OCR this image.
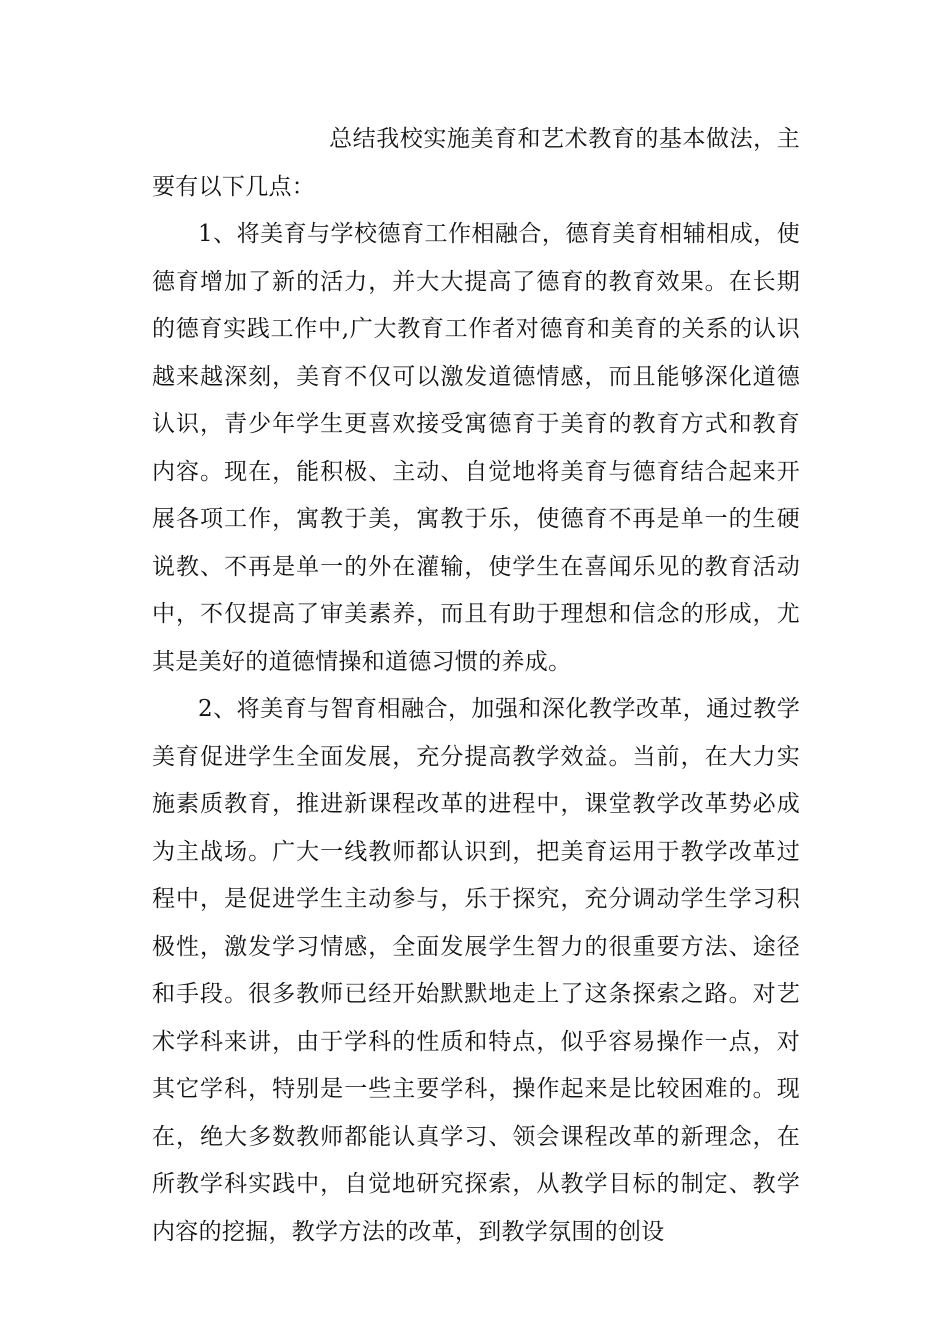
总结我校实施美育和艺术教育的基本做法，主要有以下几点：

1、将美育与学校德育工作相融合，德育美育相辅相成，使德育增加了新的活力，并大大提高了德育的教育效果。在长期的德育实践工作中,广大教育工作者对德育和美育的关系的认识越来越深刻，美育不仅可以激发道德情感，而且能够深化道德认识，青少年学生更喜欢接受寓德育于美育的教育方式和教育内容。现在，能积极、主动、自觉地将美育与德育结合起来开展各项工作，寓教于美，寓教于乐，使德育不再是单一的生硬说教、不再是单一的外在灌输，使学生在喜闻乐见的教育活动中，不仅提高了审美素养，而且有助于理想和信念的形成，尤其是美好的道德情操和道德习惯的养成。

2、将美育与智育相融合，加强和深化教学改革，通过教学美育促进学生全面发展，充分提高教学效益。当前，在大力实施素质教育，推进新课程改革的进程中，课堂教学改革势必成为主战场。广大一线教师都认识到，把美育运用于教学改革过程中，是促进学生主动参与，乐于探究，充分调动学生学习积极性，激发学习情感，全面发展学生智力的很重要方法、途径和手段。很多教师已经开始默默地走上了这条探索之路。对艺术学科来讲，由于学科的性质和特点，似乎容易操作一点，对其它学科，特别是一些主要学科，操作起来是比较困难的。现在，绝大多数教师都能认真学习、领会课程改革的新理念，在所教学科实践中，自觉地研究探索，从教学目标的制定、教学内容的挖掘，教学方法的改革，到教学氛围的创设
